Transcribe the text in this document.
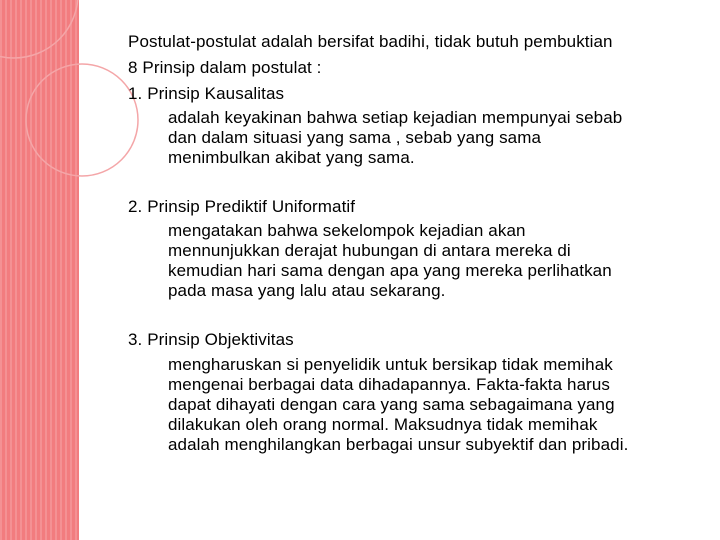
Postulat-postulat adalah bersifat badihi, tidak butuh pembuktian

8 Prinsip dalam postulat :

1. Prinsip Kausalitas

adalah keyakinan bahwa setiap kejadian mempunyai sebab

dan dalam situasi yang sama , sebab yang sama

menimbulkan akibat yang sama.

2. Prinsip Prediktif Uniformatif

mengatakan bahwa sekelompok kejadian akan

mennunjukkan derajat hubungan di antara mereka di

kemudian hari sama dengan apa yang mereka perlihatkan

pada masa yang lalu atau sekarang.

3. Prinsip Objektivitas

mengharuskan si penyelidik untuk bersikap tidak memihak

mengenai berbagai data dihadapannya. Fakta-fakta harus

dapat dihayati dengan cara yang sama sebagaimana yang

dilakukan oleh orang normal. Maksudnya tidak memihak

adalah menghilangkan berbagai unsur subyektif dan pribadi.
